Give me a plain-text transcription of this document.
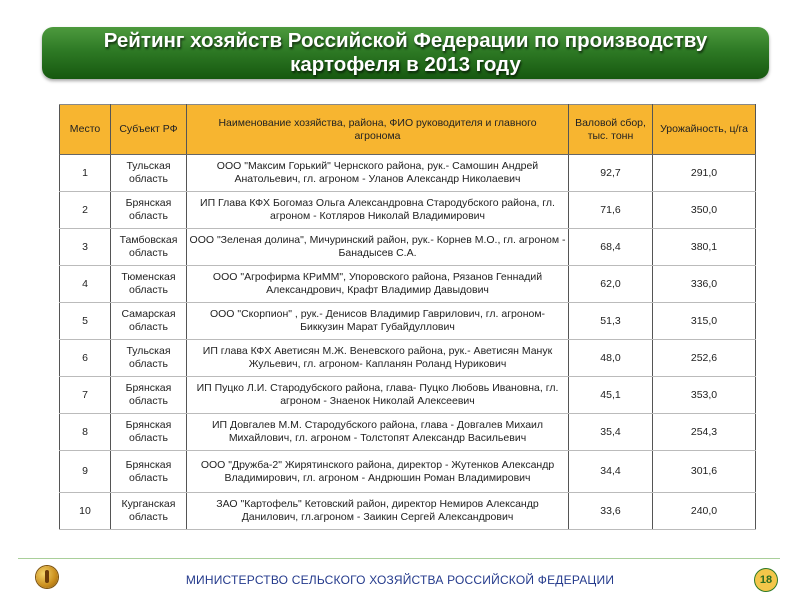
Рейтинг хозяйств Российской Федерации по производству
картофеля в 2013 году
Место	Субъект РФ	Наименование хозяйства, района, ФИО руководителя и главного агронома	Валовой сбор, тыс. тонн	Урожайность, ц/га
1	Тульская область	ООО "Максим Горький" Чернского района, рук.- Самошин Андрей Анатольевич, гл. агроном - Уланов Александр Николаевич	92,7	291,0
2	Брянская область	ИП Глава КФХ Богомаз Ольга Александровна Стародубского района, гл. агроном - Котляров Николай Владимирович	71,6	350,0
3	Тамбовская область	ООО "Зеленая долина", Мичуринский район, рук.- Корнев М.О., гл. агроном - Банадысев С.А.	68,4	380,1
4	Тюменская область	ООО "Агрофирма КРиММ", Упоровского района, Рязанов Геннадий Александрович, Крафт Владимир Давыдович	62,0	336,0
5	Самарская область	ООО "Скорпион" , рук.- Денисов Владимир Гаврилович, гл. агроном- Биккузин Марат Губайдуллович	51,3	315,0
6	Тульская область	ИП глава КФХ Аветисян М.Ж. Веневского района, рук.- Аветисян Манук Жульевич, гл. агроном- Капланян Роланд Нурикович	48,0	252,6
7	Брянская область	ИП Пуцко Л.И. Стародубского района, глава- Пуцко Любовь Ивановна, гл. агроном - Знаенок Николай Алексеевич	45,1	353,0
8	Брянская область	ИП Довгалев М.М. Стародубского района, глава - Довгалев Михаил Михайлович, гл. агроном - Толстопят Александр Васильевич	35,4	254,3
9	Брянская область	ООО "Дружба-2" Жирятинского района, директор - Жутенков Александр Владимирович, гл. агроном - Андрюшин Роман Владимирович	34,4	301,6
10	Курганская область	ЗАО "Картофель" Кетовский район, директор Немиров Александр Данилович, гл.агроном - Заикин Сергей Александрович	33,6	240,0
МИНИСТЕРСТВО СЕЛЬСКОГО ХОЗЯЙСТВА РОССИЙСКОЙ ФЕДЕРАЦИИ	18
